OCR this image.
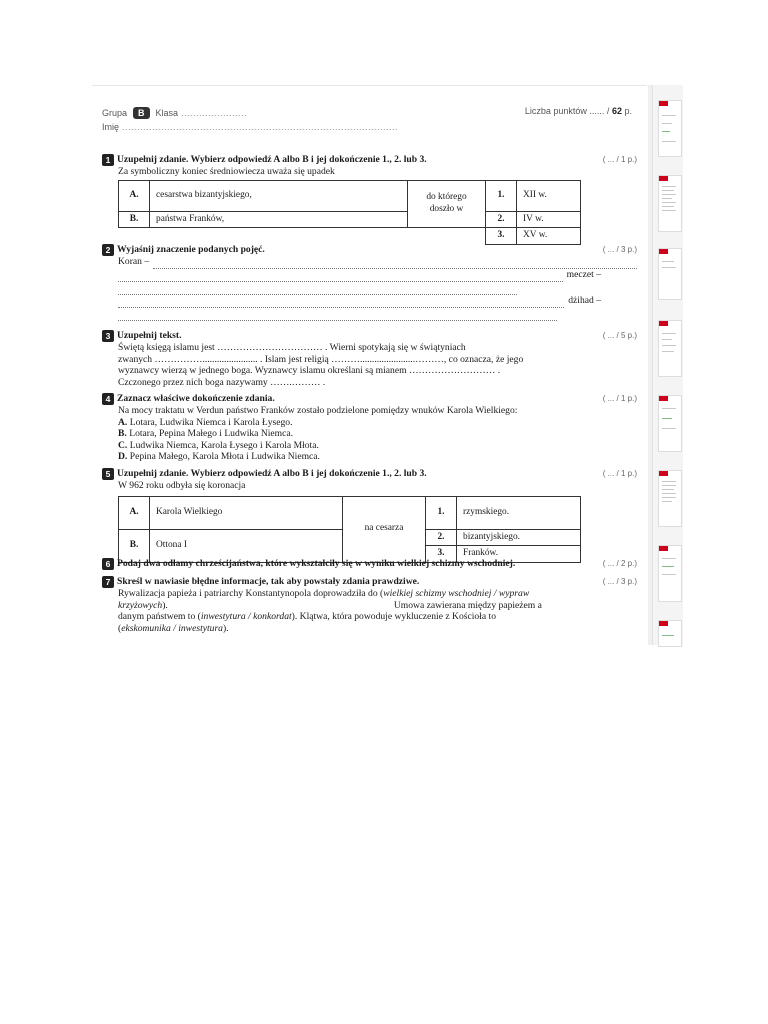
Grupa	B	Klasa ......................	Liczba punktów ...... / 62 p.
Imię ............................................................................................
1 Uzupełnij zdanie. Wybierz odpowiedź A albo B i jej dokończenie 1., 2. lub 3.	( ... / 1 p.)
Za symboliczny koniec średniowiecza uważa się upadek
A.	cesarstwa bizantyjskiego,	do którego doszło w	1.	XII w.
B.	państwa Franków,		2.	IV w.
			3.	XV w.
2 Wyjaśnij znaczenie podanych pojęć.	( ... / 3 p.)
Koran –
meczet –
dżihad –
3 Uzupełnij tekst.	( ... / 5 p.)
Świętą księgą islamu jest …………………………… . Wierni spotykają się w świątyniach
zwanych ……………....................... . Islam jest religią ……….......................………, co oznacza, że jego
wyznawcy wierzą w jednego boga. Wyznawcy islamu określani są mianem ……………………… .
Czczonego przez nich boga nazywamy …….……… .
4 Zaznacz właściwe dokończenie zdania.	( ... / 1 p.)
Na mocy traktatu w Verdun państwo Franków zostało podzielone pomiędzy wnuków Karola Wielkiego:
A. Lotara, Ludwika Niemca i Karola Łysego.
B. Lotara, Pepina Małego i Ludwika Niemca.
C. Ludwika Niemca, Karola Łysego i Karola Młota.
D. Pepina Małego, Karola Młota i Ludwika Niemca.
5 Uzupełnij zdanie. Wybierz odpowiedź A albo B i jej dokończenie 1., 2. lub 3.	( ... / 1 p.)
W 962 roku odbyła się koronacja
A.	Karola Wielkiego	na cesarza	1.	rzymskiego.
B.	Ottona I		2.	bizantyjskiego.
			3.	Franków.
6 Podaj dwa odłamy chrześcijaństwa, które wykształciły się w wyniku wielkiej schizmy wschodniej.	( ... / 2 p.)
7 Skreśl w nawiasie błędne informacje, tak aby powstały zdania prawdziwe.	( ... / 3 p.)
Rywalizacja papieża i patriarchy Konstantynopola doprowadziła do (wielkiej schizmy wschodniej / wypraw
krzyżowych).	Umowa zawierana między papieżem a
danym państwem to (inwestytura / konkordat). Klątwa, która powoduje wykluczenie z Kościoła to
(ekskomunika / inwestytura).
